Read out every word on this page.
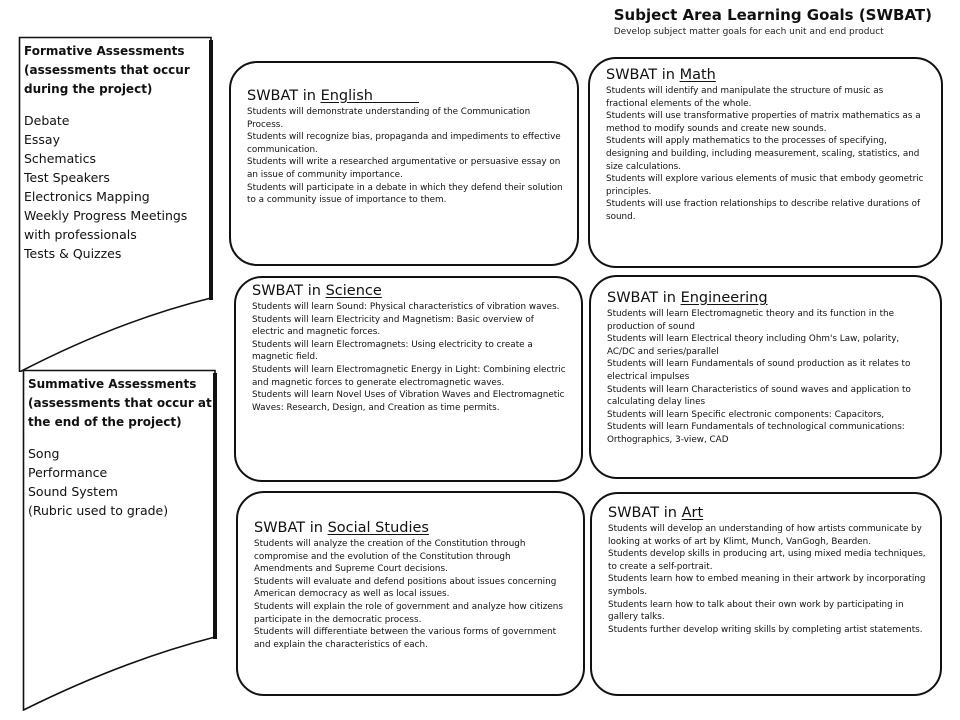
Subject Area Learning Goals (SWBAT)
Develop subject matter goals for each unit and end product
Formative Assessments
(assessments that occur
during the project)
Debate
Essay
Schematics
Test Speakers
Electronics Mapping
Weekly Progress Meetings with professionals
Tests & Quizzes
Summative Assessments
(assessments that occur at
the end of the project)
Song
Performance
Sound System
(Rubric used to grade)
SWBAT in English
Students will demonstrate understanding of the Communication Process.
Students will recognize bias, propaganda and impediments to effective communication.
Students will write a researched argumentative or persuasive essay on an issue of community importance.
Students will participate in a debate in which they defend their solution to a community issue of importance to them.
SWBAT in Math
Students will identify and manipulate the structure of music as fractional elements of the whole.
Students will use transformative properties of matrix mathematics as a method to modify sounds and create new sounds.
Students will apply mathematics to the processes of specifying, designing and building, including measurement, scaling, statistics, and size calculations.
Students will explore various elements of music that embody geometric principles.
Students will use fraction relationships to describe relative durations of sound.
SWBAT in Science
Students will learn Sound: Physical characteristics of vibration waves.
Students will learn Electricity and Magnetism: Basic overview of electric and magnetic forces.
Students will learn Electromagnets: Using electricity to create a magnetic field.
Students will learn Electromagnetic Energy in Light: Combining electric and magnetic forces to generate electromagnetic waves.
Students will learn Novel Uses of Vibration Waves and Electromagnetic Waves: Research, Design, and Creation as time permits.
SWBAT in Engineering
Students will learn Electromagnetic theory and its function in the production of sound
Students will learn Electrical theory including Ohm's Law, polarity, AC/DC and series/parallel
Students will learn Fundamentals of sound production as it relates to electrical impulses
Students will learn Characteristics of sound waves and application to calculating delay lines
Students will learn Specific electronic components: Capacitors,
Students will learn Fundamentals of technological communications: Orthographics, 3-view, CAD
SWBAT in Social Studies
Students will analyze the creation of the Constitution through compromise and the evolution of the Constitution through Amendments and Supreme Court decisions.
Students will evaluate and defend positions about issues concerning American democracy as well as local issues.
Students will explain the role of government and analyze how citizens participate in the democratic process.
Students will differentiate between the various forms of government and explain the characteristics of each.
SWBAT in Art
Students will develop an understanding of how artists communicate by looking at works of art by Klimt, Munch, VanGogh, Bearden.
Students develop skills in producing art, using mixed media techniques, to create a self-portrait.
Students learn how to embed meaning in their artwork by incorporating symbols.
Students learn how to talk about their own work by participating in gallery talks.
Students further develop writing skills by completing artist statements.
